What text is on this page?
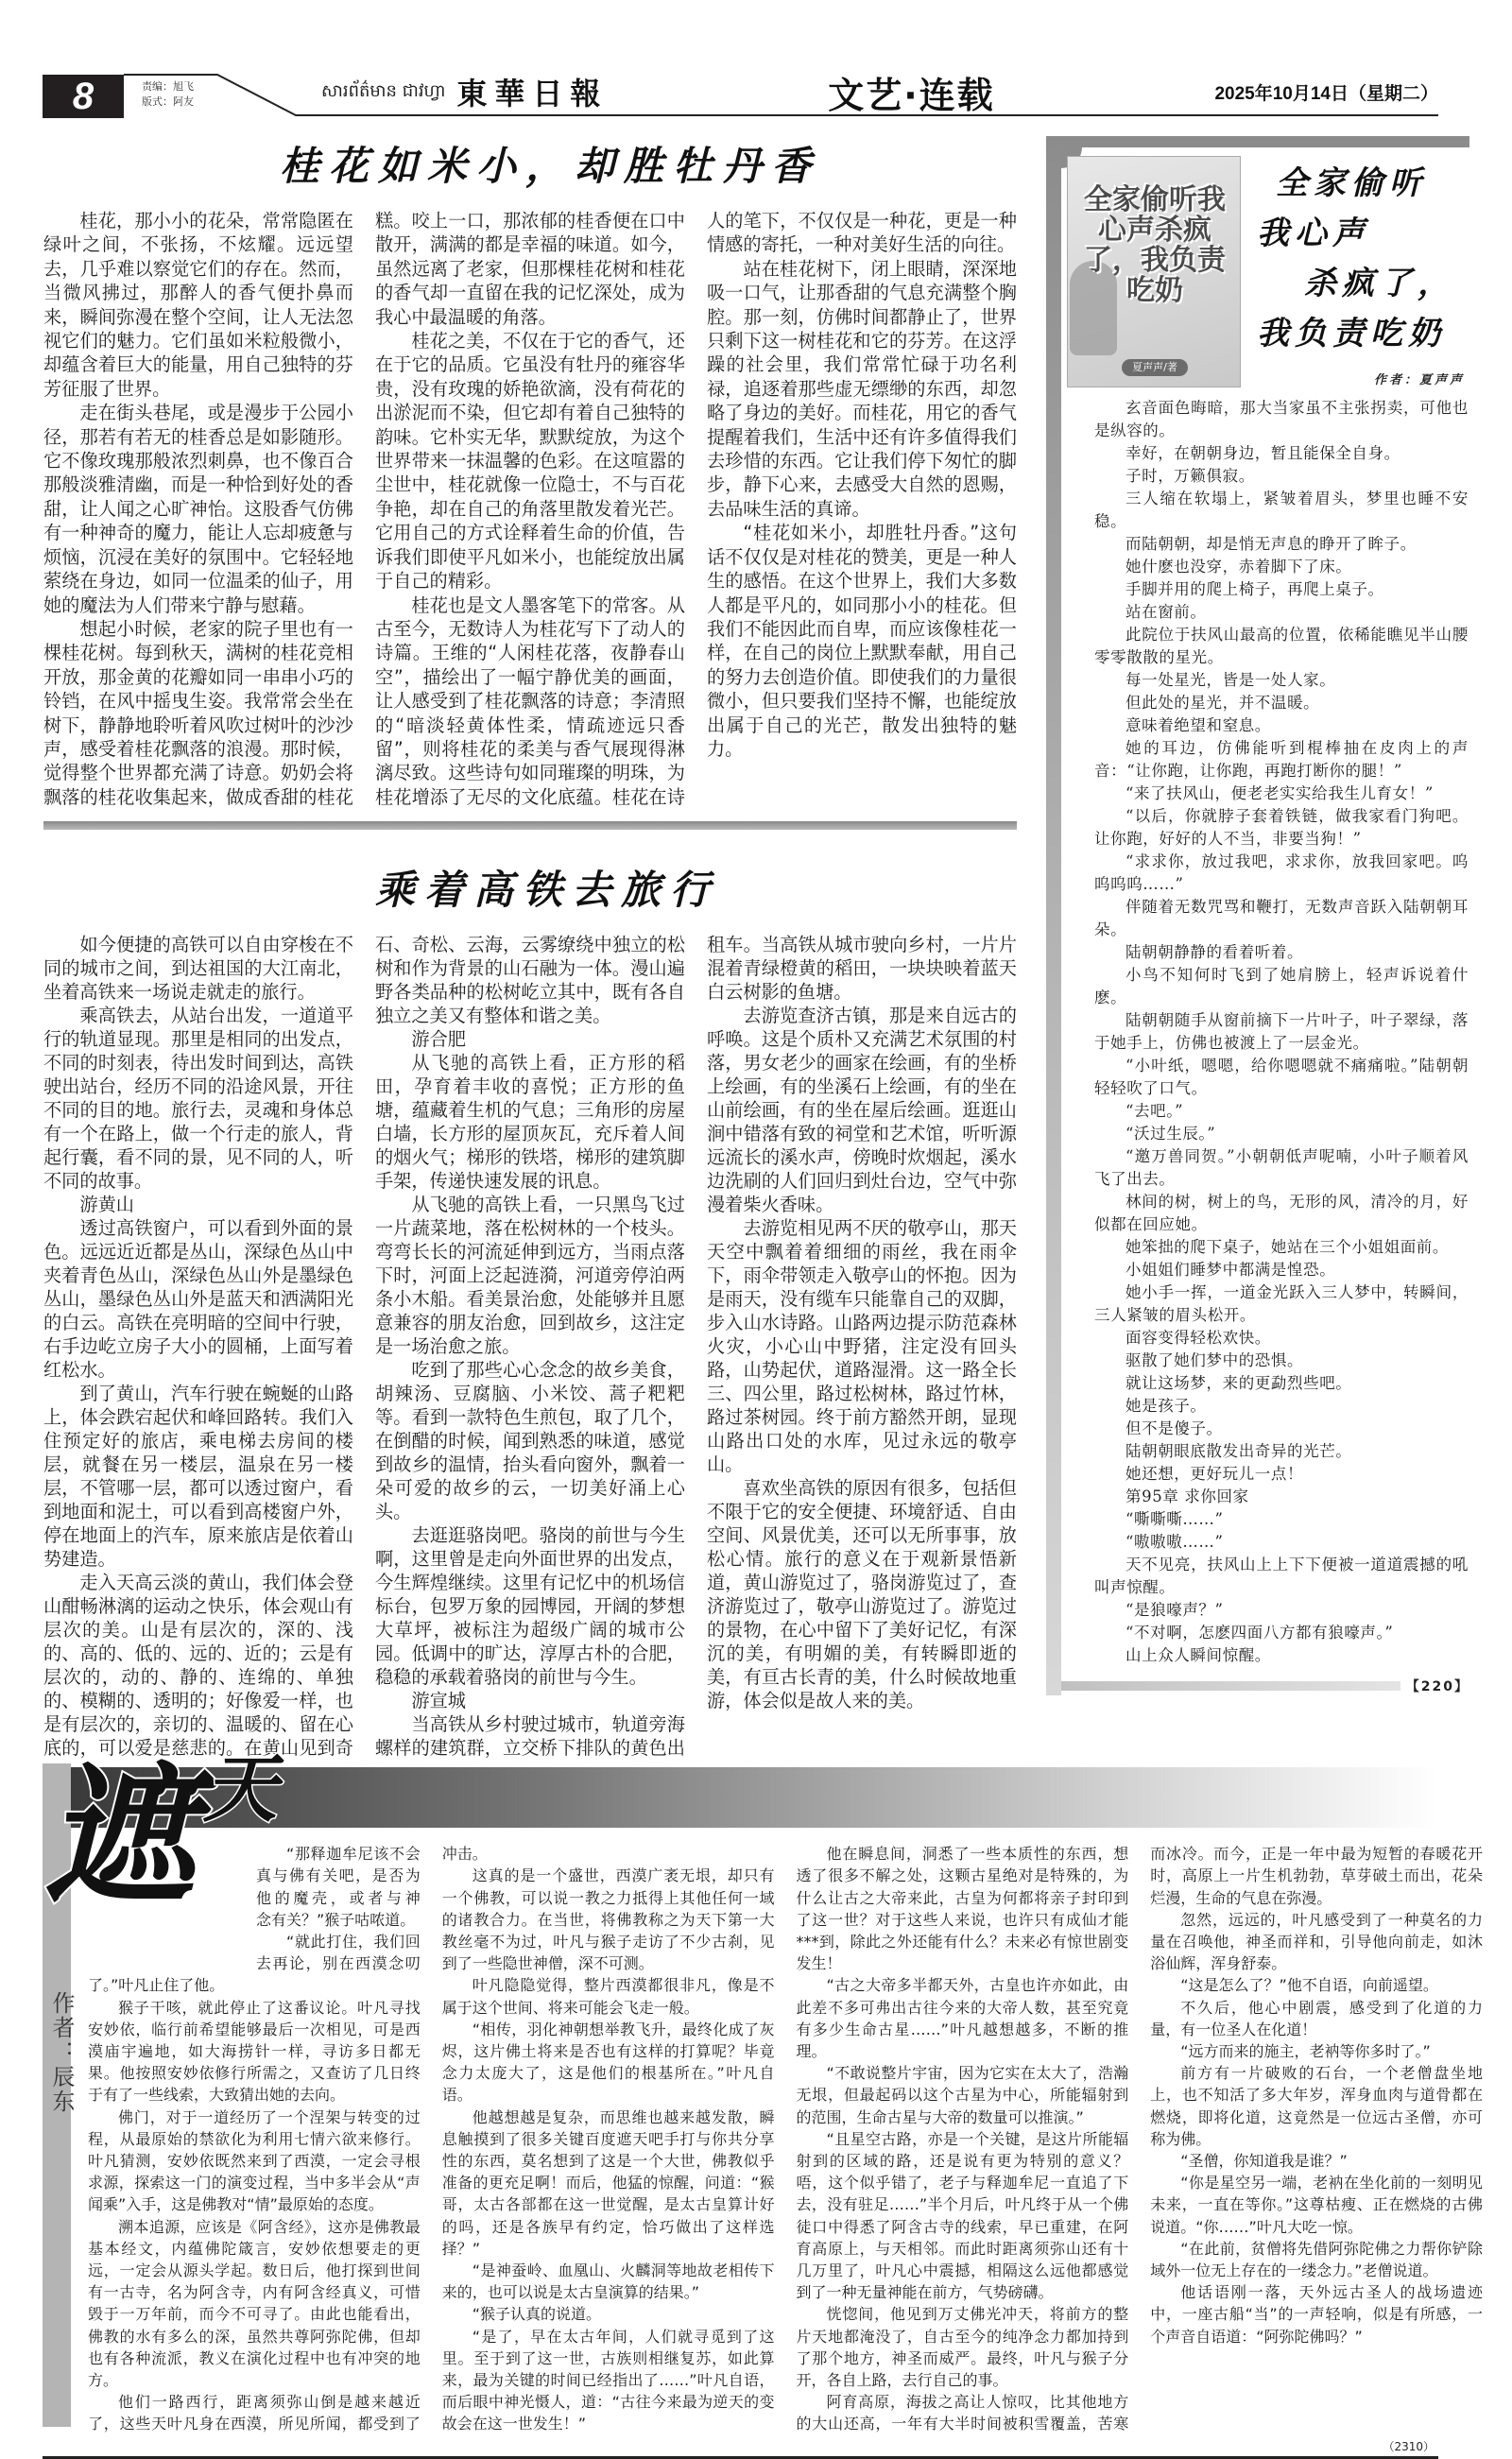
8	责编：旭飞
版式：阿友
សារព័ត៌មាន ជាវហ្វា 東華日報	文艺·连载	2025年10月14日（星期二）
桂花如米小，却胜牡丹香

桂花，那小小的花朵，常常隐匿在绿叶之间，不张扬，不炫耀。远远望去，几乎难以察觉它们的存在。然而，当微风拂过，那醉人的香气便扑鼻而来，瞬间弥漫在整个空间，让人无法忽视它们的魅力。它们虽如米粒般微小，却蕴含着巨大的能量，用自己独特的芬芳征服了世界。

走在街头巷尾，或是漫步于公园小径，那若有若无的桂香总是如影随形。它不像玫瑰那般浓烈刺鼻，也不像百合那般淡雅清幽，而是一种恰到好处的香甜，让人闻之心旷神怡。这股香气仿佛有一种神奇的魔力，能让人忘却疲惫与烦恼，沉浸在美好的氛围中。它轻轻地萦绕在身边，如同一位温柔的仙子，用她的魔法为人们带来宁静与慰藉。

想起小时候，老家的院子里也有一棵桂花树。每到秋天，满树的桂花竞相开放，那金黄的花瓣如同一串串小巧的铃铛，在风中摇曳生姿。我常常会坐在树下，静静地聆听着风吹过树叶的沙沙声，感受着桂花飘落的浪漫。那时候，觉得整个世界都充满了诗意。奶奶会将飘落的桂花收集起来，做成香甜的桂花糕。咬上一口，那浓郁的桂香便在口中散开，满满的都是幸福的味道。如今，虽然远离了老家，但那棵桂花树和桂花的香气却一直留在我的记忆深处，成为我心中最温暖的角落。

桂花之美，不仅在于它的香气，还在于它的品质。它虽没有牡丹的雍容华贵，没有玫瑰的娇艳欲滴，没有荷花的出淤泥而不染，但它却有着自己独特的韵味。它朴实无华，默默绽放，为这个世界带来一抹温馨的色彩。在这喧嚣的尘世中，桂花就像一位隐士，不与百花争艳，却在自己的角落里散发着光芒。它用自己的方式诠释着生命的价值，告诉我们即使平凡如米小，也能绽放出属于自己的精彩。

桂花也是文人墨客笔下的常客。从古至今，无数诗人为桂花写下了动人的诗篇。王维的“人闲桂花落，夜静春山空”，描绘出了一幅宁静优美的画面，让人感受到了桂花飘落的诗意；李清照的“暗淡轻黄体性柔，情疏迹远只香留”，则将桂花的柔美与香气展现得淋漓尽致。这些诗句如同璀璨的明珠，为桂花增添了无尽的文化底蕴。桂花在诗人的笔下，不仅仅是一种花，更是一种情感的寄托，一种对美好生活的向往。

站在桂花树下，闭上眼睛，深深地吸一口气，让那香甜的气息充满整个胸腔。那一刻，仿佛时间都静止了，世界只剩下这一树桂花和它的芬芳。在这浮躁的社会里，我们常常忙碌于功名利禄，追逐着那些虚无缥缈的东西，却忽略了身边的美好。而桂花，用它的香气提醒着我们，生活中还有许多值得我们去珍惜的东西。它让我们停下匆忙的脚步，静下心来，去感受大自然的恩赐，去品味生活的真谛。

“桂花如米小，却胜牡丹香。”这句话不仅仅是对桂花的赞美，更是一种人生的感悟。在这个世界上，我们大多数人都是平凡的，如同那小小的桂花。但我们不能因此而自卑，而应该像桂花一样，在自己的岗位上默默奉献，用自己的努力去创造价值。即使我们的力量很微小，但只要我们坚持不懈，也能绽放出属于自己的光芒，散发出独特的魅力。

乘着高铁去旅行

如今便捷的高铁可以自由穿梭在不同的城市之间，到达祖国的大江南北，坐着高铁来一场说走就走的旅行。

乘高铁去，从站台出发，一道道平行的轨道显现。那里是相同的出发点，不同的时刻表，待出发时间到达，高铁驶出站台，经历不同的沿途风景，开往不同的目的地。旅行去，灵魂和身体总有一个在路上，做一个行走的旅人，背起行囊，看不同的景，见不同的人，听不同的故事。

游黄山

透过高铁窗户，可以看到外面的景色。远远近近都是丛山，深绿色丛山中夹着青色丛山，深绿色丛山外是墨绿色丛山，墨绿色丛山外是蓝天和洒满阳光的白云。高铁在亮明暗的空间中行驶，右手边屹立房子大小的圆桶，上面写着红松水。

到了黄山，汽车行驶在蜿蜒的山路上，体会跌宕起伏和峰回路转。我们入住预定好的旅店，乘电梯去房间的楼层，就餐在另一楼层，温泉在另一楼层，不管哪一层，都可以透过窗户，看到地面和泥土，可以看到高楼窗户外，停在地面上的汽车，原来旅店是依着山势建造。

走入天高云淡的黄山，我们体会登山酣畅淋漓的运动之快乐，体会观山有层次的美。山是有层次的，深的、浅的、高的、低的、远的、近的；云是有层次的，动的、静的、连绵的、单独的、模糊的、透明的；好像爱一样，也是有层次的，亲切的、温暖的、留在心底的，可以爱是慈悲的。在黄山见到奇石、奇松、云海，云雾缭绕中独立的松树和作为背景的山石融为一体。漫山遍野各类品种的松树屹立其中，既有各自独立之美又有整体和谐之美。

游合肥

从飞驰的高铁上看，正方形的稻田，孕育着丰收的喜悦；正方形的鱼塘，蕴藏着生机的气息；三角形的房屋白墙，长方形的屋顶灰瓦，充斥着人间的烟火气；梯形的铁塔，梯形的建筑脚手架，传递快速发展的讯息。

从飞驰的高铁上看，一只黑鸟飞过一片蔬菜地，落在松树林的一个枝头。弯弯长长的河流延伸到远方，当雨点落下时，河面上泛起涟漪，河道旁停泊两条小木船。看美景治愈，处能够并且愿意兼容的朋友治愈，回到故乡，这注定是一场治愈之旅。

吃到了那些心心念念的故乡美食，胡辣汤、豆腐脑、小米饺、蒿子粑粑等。看到一款特色生煎包，取了几个，在倒醋的时候，闻到熟悉的味道，感觉到故乡的温情，抬头看向窗外，飘着一朵可爱的故乡的云，一切美好涌上心头。

去逛逛骆岗吧。骆岗的前世与今生啊，这里曾是走向外面世界的出发点，今生辉煌继续。这里有记忆中的机场信标台，包罗万象的园博园，开阔的梦想大草坪，被标注为超级广阔的城市公园。低调中的旷达，淳厚古朴的合肥，稳稳的承载着骆岗的前世与今生。

游宣城

当高铁从乡村驶过城市，轨道旁海螺样的建筑群，立交桥下排队的黄色出租车。当高铁从城市驶向乡村，一片片混着青绿橙黄的稻田，一块块映着蓝天白云树影的鱼塘。

去游览查济古镇，那是来自远古的呼唤。这是个质朴又充满艺术氛围的村落，男女老少的画家在绘画，有的坐桥上绘画，有的坐溪石上绘画，有的坐在山前绘画，有的坐在屋后绘画。逛逛山涧中错落有致的祠堂和艺术馆，听听源远流长的溪水声，傍晚时炊烟起，溪水边洗刷的人们回归到灶台边，空气中弥漫着柴火香味。

去游览相见两不厌的敬亭山，那天天空中飘着着细细的雨丝，我在雨伞下，雨伞带领走入敬亭山的怀抱。因为是雨天，没有缆车只能靠自己的双脚，步入山水诗路。山路两边提示防范森林火灾，小心山中野猪，注定没有回头路，山势起伏，道路湿滑。这一路全长三、四公里，路过松树林，路过竹林，路过茶树园。终于前方豁然开朗，显现山路出口处的水库，见过永远的敬亭山。

喜欢坐高铁的原因有很多，包括但不限于它的安全便捷、环境舒适、自由空间、风景优美，还可以无所事事，放松心情。旅行的意义在于观新景悟新道，黄山游览过了，骆岗游览过了，查济游览过了，敬亭山游览过了。游览过的景物，在心中留下了美好记忆，有深沉的美，有明媚的美，有转瞬即逝的美，有亘古长青的美，什么时候故地重游，体会似是故人来的美。

全家偷听我心声杀疯了，我负责吃奶
夏声声/著
全家偷听
我心声
杀疯了，
我负责吃奶
作者：夏声声

玄音面色晦暗，那大当家虽不主张拐卖，可他也是纵容的。

幸好，在朝朝身边，暂且能保全自身。

子时，万籁俱寂。

三人缩在软塌上，紧皱着眉头，梦里也睡不安稳。

而陆朝朝，却是悄无声息的睁开了眸子。

她什麽也没穿，赤着脚下了床。

手脚并用的爬上椅子，再爬上桌子。

站在窗前。

此院位于扶风山最高的位置，依稀能瞧见半山腰零零散散的星光。

每一处星光，皆是一处人家。

但此处的星光，并不温暖。

意味着绝望和窒息。

她的耳边，仿佛能听到棍棒抽在皮肉上的声音：“让你跑，让你跑，再跑打断你的腿！”

“来了扶风山，便老老实实给我生儿育女！”

“以后，你就脖子套着铁链，做我家看门狗吧。让你跑，好好的人不当，非要当狗！”

“求求你，放过我吧，求求你，放我回家吧。呜呜呜呜……”

伴随着无数咒骂和鞭打，无数声音跃入陆朝朝耳朵。

陆朝朝静静的看着听着。

小鸟不知何时飞到了她肩膀上，轻声诉说着什麽。

陆朝朝随手从窗前摘下一片叶子，叶子翠绿，落于她手上，仿佛也被渡上了一层金光。

“小叶纸，嗯嗯，给你嗯嗯就不痛痛啦。”陆朝朝轻轻吹了口气。

“去吧。”

“沃过生辰。”

“邀万兽同贺。”小朝朝低声呢喃，小叶子顺着风飞了出去。

林间的树，树上的鸟，无形的风，清冷的月，好似都在回应她。

她笨拙的爬下桌子，她站在三个小姐姐面前。

小姐姐们睡梦中都满是惶恐。

她小手一挥，一道金光跃入三人梦中，转瞬间，三人紧皱的眉头松开。

面容变得轻松欢快。

驱散了她们梦中的恐惧。

就让这场梦，来的更勐烈些吧。

她是孩子。

但不是傻子。

陆朝朝眼底散发出奇异的光芒。

她还想，更好玩儿一点！

第95章 求你回家

“嘶嘶嘶……”

“嗷嗷嗷……”

天不见亮，扶风山上上下下便被一道道震撼的吼叫声惊醒。

“是狼嚎声？”

“不对啊，怎麽四面八方都有狼嚎声。”

山上众人瞬间惊醒。

【220】
遮 天
作者：辰东

“那释迦牟尼该不会真与佛有关吧，是否为他的魔壳，或者与神　念有关？”猴子咕哝道。

“就此打住，我们回去再论，别在西漠念叨了。”叶凡止住了他。

猴子干咳，就此停止了这番议论。叶凡寻找安妙依，临行前希望能够最后一次相见，可是西漠庙宇遍地，如大海捞针一样，寻访多日都无果。他按照安妙依修行所需之，又查访了几日终于有了一些线索，大致猜出她的去向。

佛门，对于一道经历了一个涅架与转变的过程，从最原始的禁欲化为利用七情六欲来修行。叶凡猜测，安妙依既然来到了西漠，一定会寻根求源，探索这一门的演变过程，当中多半会从“声闻乘”入手，这是佛教对“情”最原始的态度。

溯本追源，应该是《阿含经》，这亦是佛教最基本经文，内蕴佛陀箴言，安妙依想要走的更远，一定会从源头学起。数日后，他打探到世间有一古寺，名为阿含寺，内有阿含经真义，可惜毁于一万年前，而今不可寻了。由此也能看出，佛教的水有多么的深，虽然共尊阿弥陀佛，但却也有各种流派，教义在演化过程中也有冲突的地方。

他们一路西行，距离须弥山倒是越来越近了，这些天叶凡身在西漠，所见所闻，都受到了冲击。

这真的是一个盛世，西漠广袤无垠，却只有一个佛教，可以说一教之力抵得上其他任何一域的诸教合力。在当世，将佛教称之为天下第一大教丝毫不为过，叶凡与猴子走访了不少古刹，见到了一些隐世神僧，深不可测。

叶凡隐隐觉得，整片西漠都很非凡，像是不属于这个世间、将来可能会飞走一般。

“相传，羽化神朝想举教飞升，最终化成了灰烬，这片佛土将来是否也有这样的打算呢？毕竟念力太庞大了，这是他们的根基所在。”叶凡自语。

他越想越是复杂，而思维也越来越发散，瞬息触摸到了很多关键百度遮天吧手打与你共分享性的东西，莫名想到了这是一个大世，佛教似乎准备的更充足啊！而后，他猛的惊醒，问道：“猴哥，太古各部都在这一世觉醒，是太古皇算计好的吗，还是各族早有约定，恰巧做出了这样选择？”

“是神蚕岭、血凰山、火麟洞等地故老相传下来的，也可以说是太古皇演算的结果。”

“猴子认真的说道。

“是了，早在太古年间，人们就寻觅到了这里。至于到了这一世，古族则相继复苏，如此算来，最为关键的时间已经指出了……”叶凡自语，而后眼中神光慑人，道：“古往今来最为逆天的变故会在这一世发生！”

他在瞬息间，洞悉了一些本质性的东西，想透了很多不解之处，这颗古星绝对是特殊的，为什么让古之大帝来此，古皇为何都将亲子封印到了这一世？对于这些人来说，也许只有成仙才能***到，除此之外还能有什么？未来必有惊世剧变发生！

“古之大帝多半都天外，古皇也许亦如此，由此差不多可弗出古往今来的大帝人数，甚至究竟有多少生命古星……”叶凡越想越多，不断的推理。

“不敢说整片宇宙，因为它实在太大了，浩瀚无垠，但最起码以这个古星为中心，所能辐射到的范围，生命古星与大帝的数量可以推演。”

“且星空古路，亦是一个关键，是这片所能辐射到的区域的路，还是说有更为特别的意义？唔，这个似乎错了，老子与释迦牟尼一直追了下去，没有驻足……”半个月后，叶凡终于从一个佛徒口中得悉了阿含古寺的线索，早已重建，在阿育高原上，与天相邻。而此时距离须弥山还有十几万里了，叶凡心中震撼，相隔这么远他都感觉到了一种无量神能在前方，气势磅礴。

恍惚间，他见到万丈佛光冲天，将前方的整片天地都淹没了，自古至今的纯净念力都加持到了那个地方，神圣而威严。最终，叶凡与猴子分开，各自上路，去行自己的事。

阿育高原，海拔之高让人惊叹，比其他地方的大山还高，一年有大半时间被积雪覆盖，苦寒而冰冷。而今，正是一年中最为短暂的春暖花开时，高原上一片生机勃勃，草芽破土而出，花朵烂漫，生命的气息在弥漫。

忽然，远远的，叶凡感受到了一种莫名的力量在召唤他，神圣而祥和，引导他向前走，如沐浴仙辉，浑身舒泰。

“这是怎么了？”他不自语，向前遥望。

不久后，他心中剧震，感受到了化道的力量，有一位圣人在化道！

“远方而来的施主，老衲等你多时了。”

前方有一片破败的石台，一个老僧盘坐地上，也不知活了多大年岁，浑身血肉与道骨都在燃烧，即将化道，这竟然是一位远古圣僧，亦可称为佛。

“圣僧，你知道我是谁？”

“你是星空另一端，老衲在坐化前的一刻明见未来，一直在等你。”这尊枯瘦、正在燃烧的古佛说道。“你……”叶凡大吃一惊。

“在此前，贫僧将先借阿弥陀佛之力帮你铲除域外一位无上存在的一缕念力。”老僧说道。

他话语刚一落，天外远古圣人的战场遗迹中，一座古船“当”的一声轻响，似是有所感，一个声音自语道：“阿弥陀佛吗？”

（2310）
